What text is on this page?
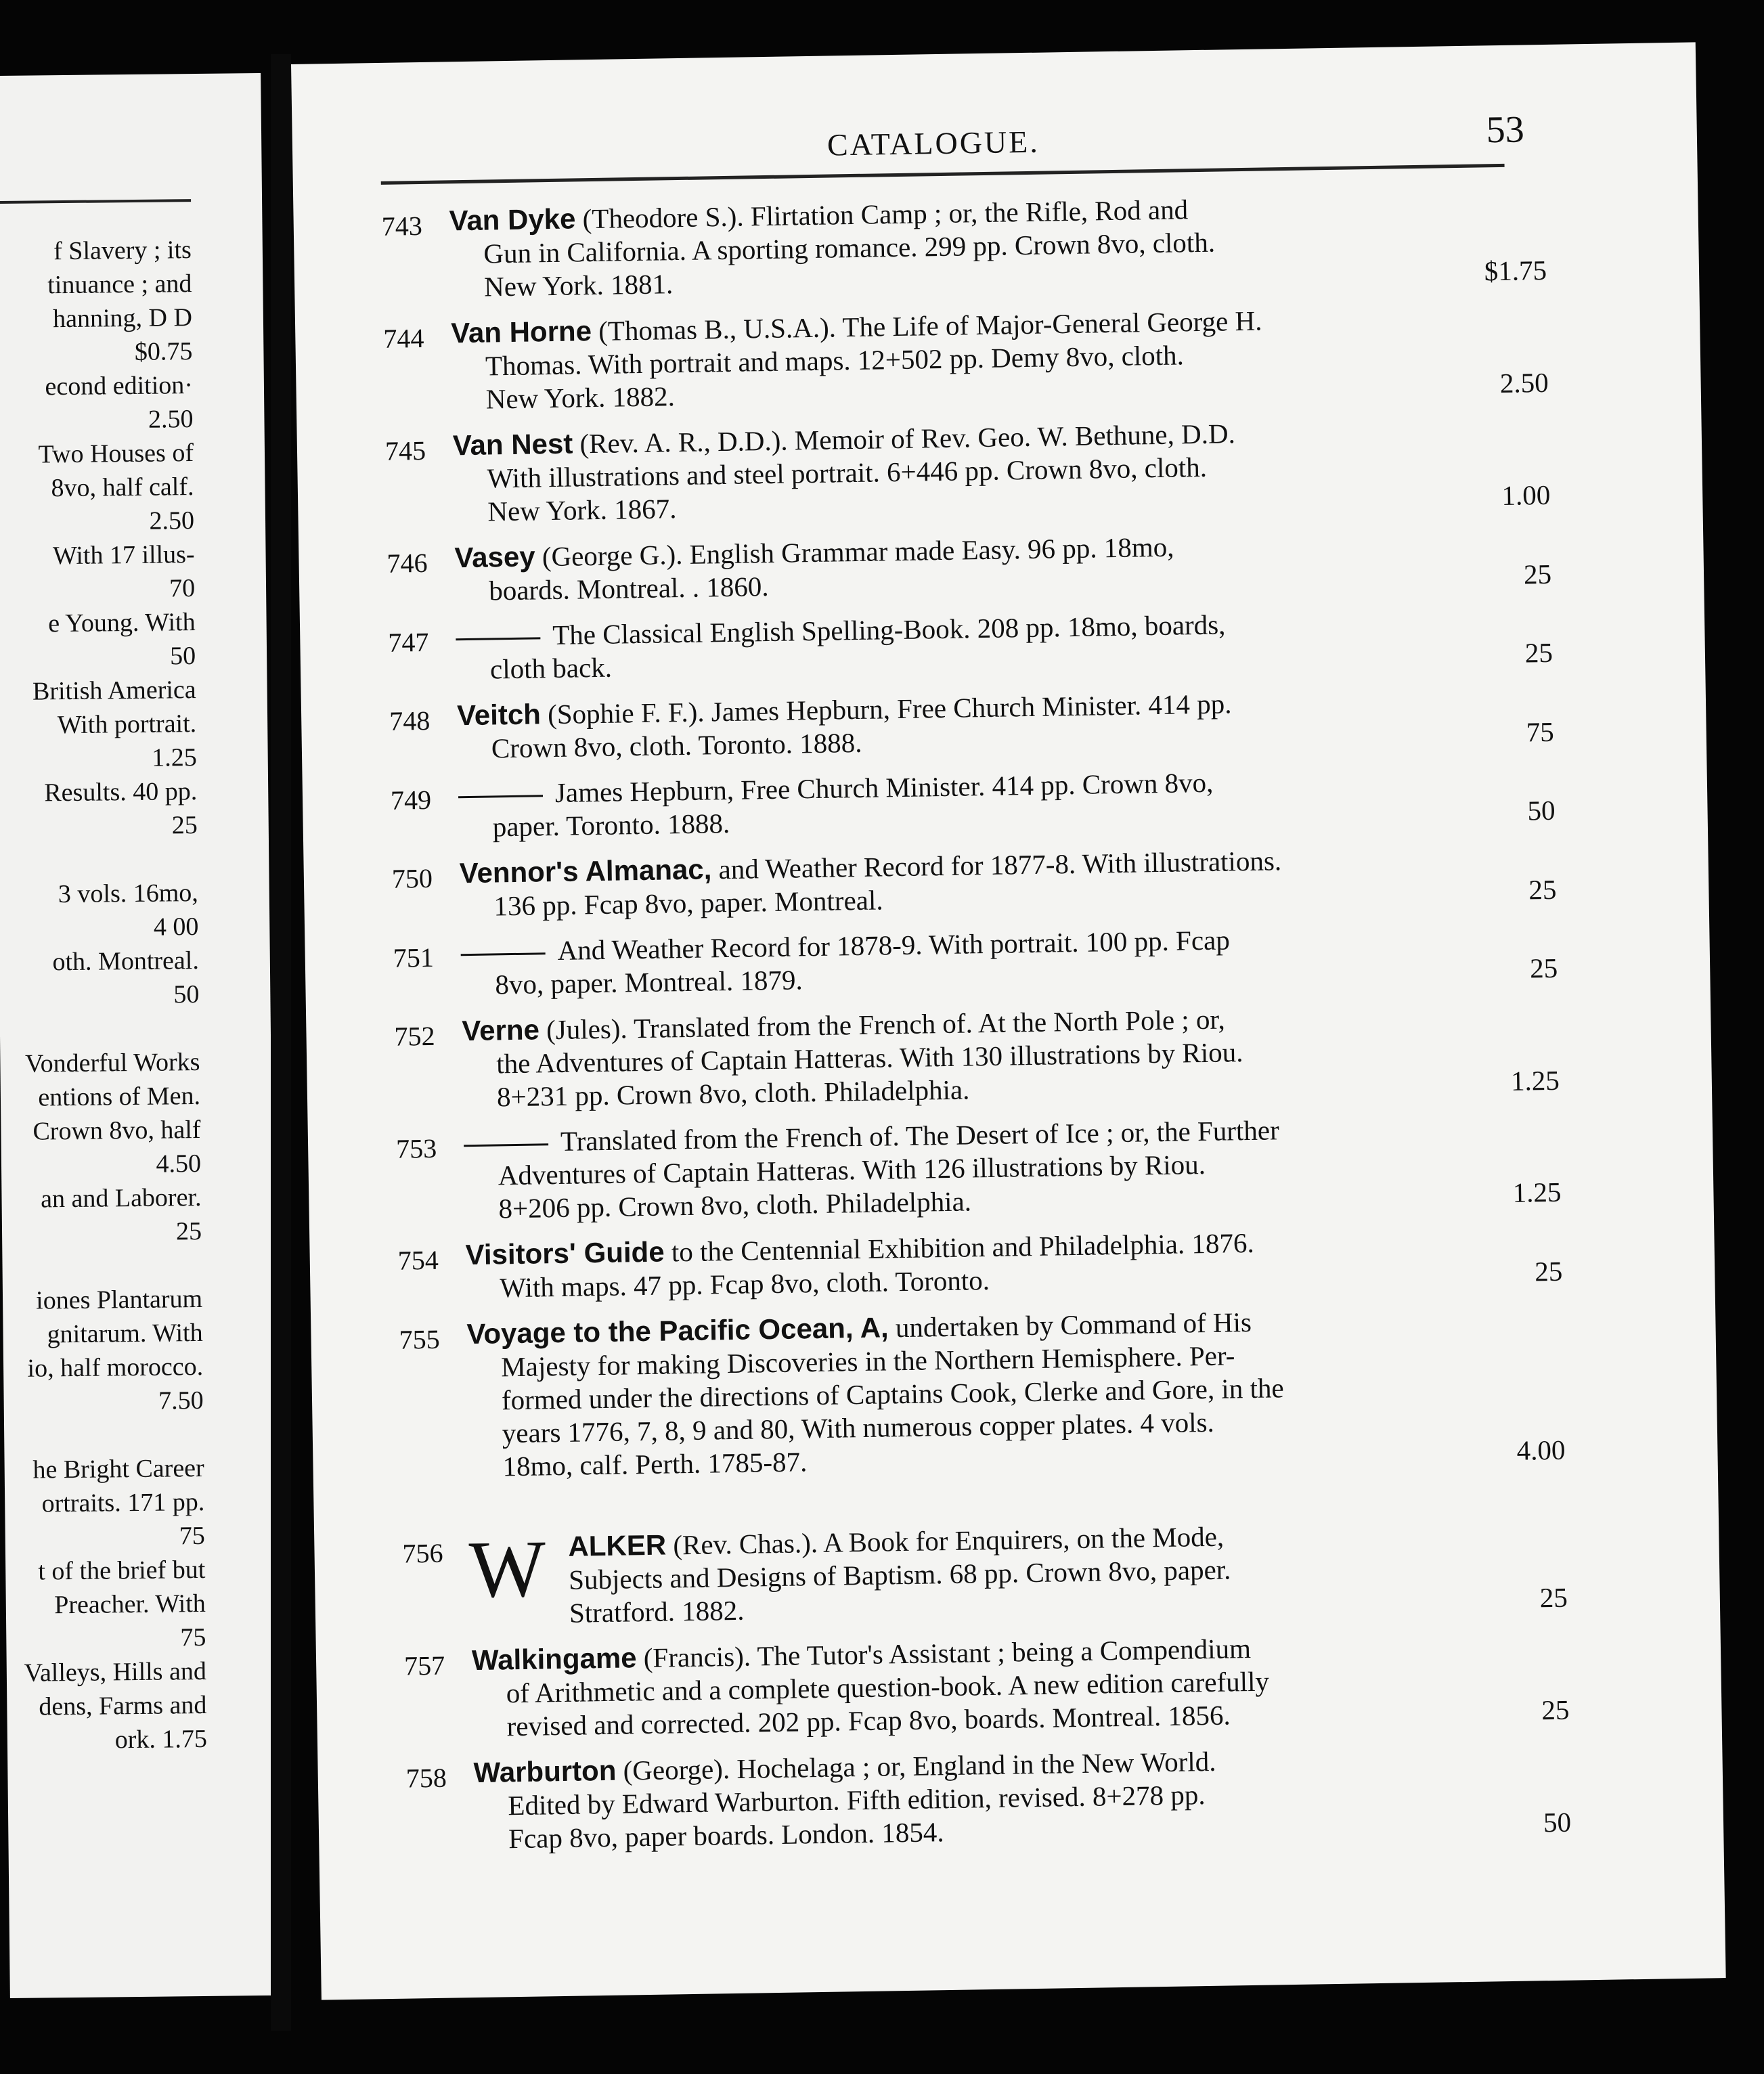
f Slavery ; its
tinuance ; and
hanning, D D
$0.75
econd edition·
2.50
Two Houses of
8vo, half calf.
2.50
With 17 illus-
70
e Young. With
50
British America
With portrait.
1.25
Results. 40 pp.
25
3 vols. 16mo,
4 00
oth. Montreal.
50
Vonderful Works
entions of Men.
Crown 8vo, half
4.50
an and Laborer.
25
iones Plantarum
gnitarum. With
io, half morocco.
7.50
he Bright Career
ortraits. 171 pp.
75
t of the brief but
Preacher. With
75
Valleys, Hills and
dens, Farms and
ork. 1.75
CATALOGUE.	53
743 Van Dyke (Theodore S.). Flirtation Camp ; or, the Rifle, Rod and
Gun in California. A sporting romance. 299 pp. Crown 8vo, cloth.
New York. 1881.	$1.75
744 Van Horne (Thomas B., U.S.A.). The Life of Major-General George H.
Thomas. With portrait and maps. 12+502 pp. Demy 8vo, cloth.
New York. 1882.	2.50
745 Van Nest (Rev. A. R., D.D.). Memoir of Rev. Geo. W. Bethune, D.D.
With illustrations and steel portrait. 6+446 pp. Crown 8vo, cloth.
New York. 1867.	1.00
746 Vasey (George G.). English Grammar made Easy. 96 pp. 18mo,
boards. Montreal. . 1860.	25
747	The Classical English Spelling-Book. 208 pp. 18mo, boards,
cloth back.	25
748 Veitch (Sophie F. F.). James Hepburn, Free Church Minister. 414 pp.
Crown 8vo, cloth. Toronto. 1888.	75
749	James Hepburn, Free Church Minister. 414 pp. Crown 8vo,
paper. Toronto. 1888.	50
750 Vennor's Almanac, and Weather Record for 1877-8. With illustrations.
136 pp. Fcap 8vo, paper. Montreal.	25
751	And Weather Record for 1878-9. With portrait. 100 pp. Fcap
8vo, paper. Montreal. 1879.	25
752 Verne (Jules). Translated from the French of. At the North Pole ; or,
the Adventures of Captain Hatteras. With 130 illustrations by Riou.
8+231 pp. Crown 8vo, cloth. Philadelphia.	1.25
753	Translated from the French of. The Desert of Ice ; or, the Further
Adventures of Captain Hatteras. With 126 illustrations by Riou.
8+206 pp. Crown 8vo, cloth. Philadelphia.	1.25
754 Visitors' Guide to the Centennial Exhibition and Philadelphia. 1876.
With maps. 47 pp. Fcap 8vo, cloth. Toronto.	25
755 Voyage to the Pacific Ocean, A, undertaken by Command of His
Majesty for making Discoveries in the Northern Hemisphere. Per-
formed under the directions of Captains Cook, Clerke and Gore, in the
years 1776, 7, 8, 9 and 80, With numerous copper plates. 4 vols.
18mo, calf. Perth. 1785-87.	4.00
756 W ALKER (Rev. Chas.). A Book for Enquirers, on the Mode,
Subjects and Designs of Baptism. 68 pp. Crown 8vo, paper.
Stratford. 1882.	25
757 Walkingame (Francis). The Tutor's Assistant ; being a Compendium
of Arithmetic and a complete question-book. A new edition carefully
revised and corrected. 202 pp. Fcap 8vo, boards. Montreal. 1856.	25
758 Warburton (George). Hochelaga ; or, England in the New World.
Edited by Edward Warburton. Fifth edition, revised. 8+278 pp.
Fcap 8vo, paper boards. London. 1854.	50
